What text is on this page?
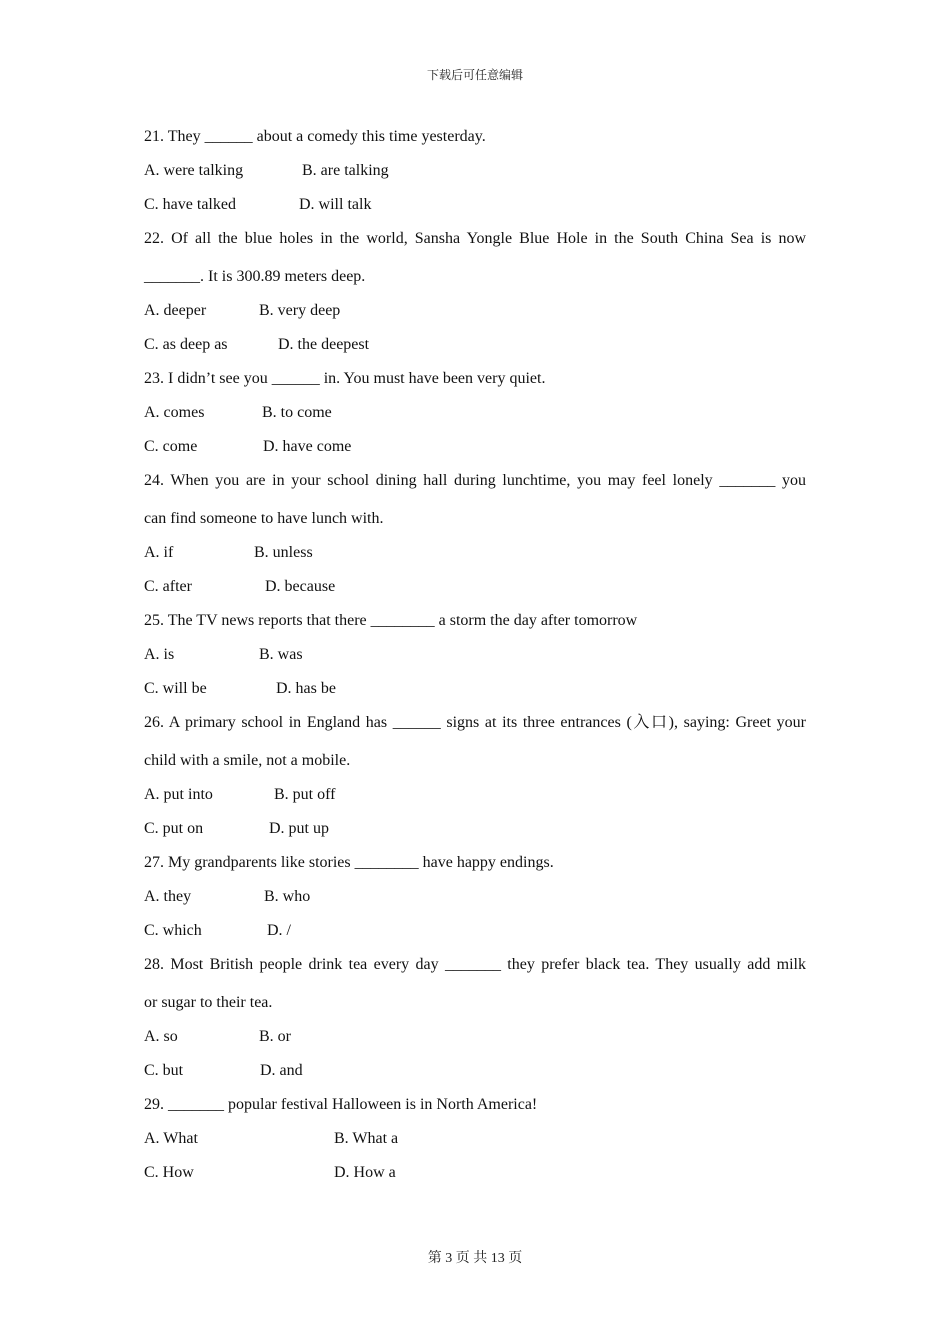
下载后可任意编辑
21. They ______ about a comedy this time yesterday.
A. were talking	B. are talking
C. have talked	D. will talk
22. Of all the blue holes in the world, Sansha Yongle Blue Hole in the South China Sea is now
_______. It is 300.89 meters deep.
A. deeper	B. very deep
C. as deep as	D. the deepest
23. I didn’t see you ______ in. You must have been very quiet.
A. comes	B. to come
C. come	D. have come
24. When you are in your school dining hall during lunchtime, you may feel lonely _______ you
can find someone to have lunch with.
A. if	B. unless
C. after	D. because
25. The TV news reports that there ________ a storm the day after tomorrow
A. is	B. was
C. will be	D. has be
26. A primary school in England has ______ signs at its three entrances (入口), saying: Greet your
child with a smile, not a mobile.
A. put into	B. put off
C. put on	D. put up
27. My grandparents like stories ________ have happy endings.
A. they	B. who
C. which	D. /
28. Most British people drink tea every day _______ they prefer black tea. They usually add milk
or sugar to their tea.
A. so	B. or
C. but	D. and
29. _______ popular festival Halloween is in North America!
A. What	B. What a
C. How	D. How a
第 3 页 共 13 页
